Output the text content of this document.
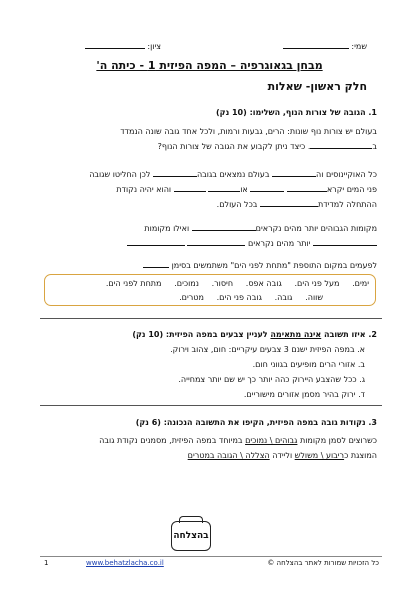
שמי:
ציון:
מבחן בגאוגרפיה – המפה הפיזית 1 - כיתה ה'
חלק ראשון- שאלות
1. הגובה של צורות הנוף, השלימו: (10 נק)
בעולם יש צורות נוף שונות: הרים, גבעות ורמות, ולכל אחד גובה שונה הנמדד
ב. כיצד ניתן לקבוע את הגובה של צורות הנוף?
כל האוקיינוסים וה בעולם נמצאים בגובה לכן החליטו שגובה
פני המים יקרא  או  והוא יהיה נקודת
ההתחלה למדידת בכל העולם.
מקומות הגבוהים יותר מהים נקראים ואילו מקומות
יותר מהים נקראים
לפעמים במקום התוספת "מתחת לפני הים" משתמשים בסימן
ימים.     מעל פני הים.     גובה אפס.     חיסור.     נמוכים.     מתחת לפני הים.
שווה.     גובה.     גובה פני הים.     מטרים.
2. איזו תשובה אינה מתאימה לעניין צבעים במפה הפיזית: (10 נק)
א. במפה הפיזית ישנם 3 צבעים עיקריים: חום, צהוב וירוק.
ב. אזורי הרים מופיעים בגווני חום.
ג. ככל שהצבע היירוק כהה יותר כך יש שם יותר צמחייה.
ד. ירוק בהיר מסמן אזורים מישוריים.
3. נקודות גובה במפה הפיזית, הקיפו את התשובה הנכונה: (6 נק)
כשרוצים לסמן מקומות גבוהים \ נמוכים במיוחד במפה הפיזית, מסמנים נקודת גובה
המוצגת כריבוע \ משולש וליידה הצללה \ הגובה במטרים
בהצלחה
כל הזכויות שמורות לאתר בהצלחה ©
www.behatzlacha.co.il
1
